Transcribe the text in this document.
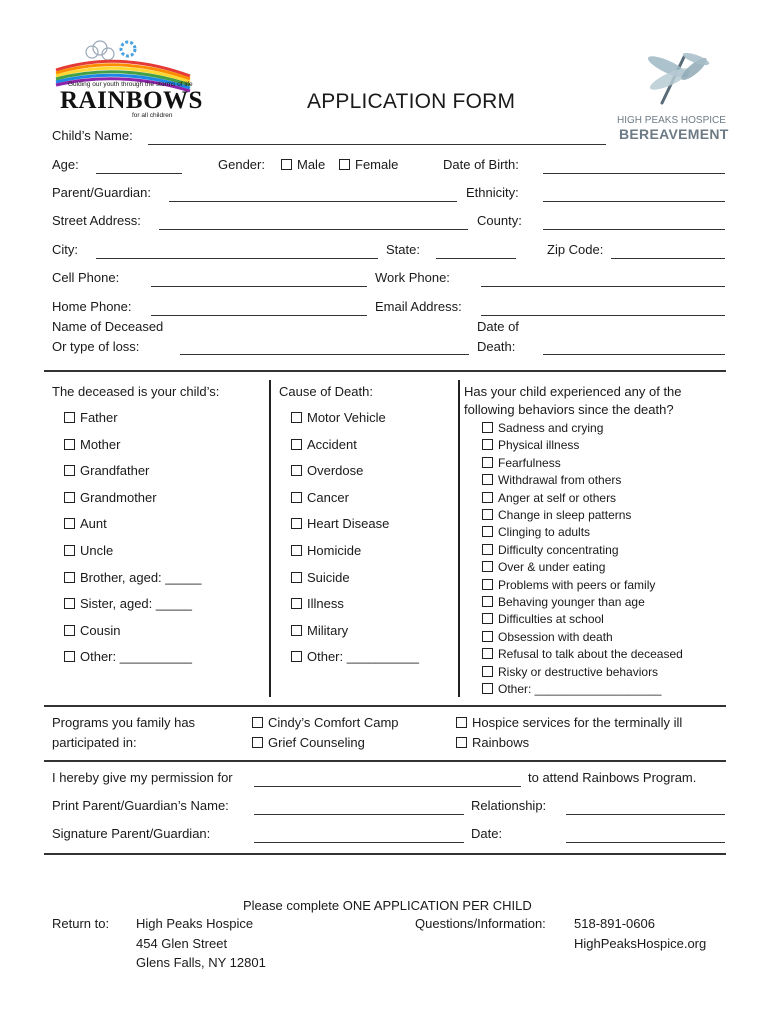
Guiding our youth through the storms of life
RAINBOWS
for all children
APPLICATION FORM
HIGH PEAKS HOSPICE
BEREAVEMENT
Child’s Name:
Age:	Gender:	Male	Female	Date of Birth:
Parent/Guardian:	Ethnicity:
Street Address:	County:
City:	State:	Zip Code:
Cell Phone:	Work Phone:
Home Phone:	Email Address:
Name of Deceased
Or type of loss:
Date of
Death:
The deceased is your child’s:
Father
Mother
Grandfather
Grandmother
Aunt
Uncle
Brother, aged: _____
Sister, aged: _____
Cousin
Other: __________
Cause of Death:
Motor Vehicle
Accident
Overdose
Cancer
Heart Disease
Homicide
Suicide
Illness
Military
Other: __________
Has your child experienced any of the
following behaviors since the death?
Sadness and crying
Physical illness
Fearfulness
Withdrawal from others
Anger at self or others
Change in sleep patterns
Clinging to adults
Difficulty concentrating
Over & under eating
Problems with peers or family
Behaving younger than age
Difficulties at school
Obsession with death
Refusal to talk about the deceased
Risky or destructive behaviors
Other: ___________________
Programs you family has
participated in:
Cindy’s Comfort Camp
Grief Counseling
Hospice services for the terminally ill
Rainbows
I hereby give my permission for	to attend Rainbows Program.
Print Parent/Guardian’s Name:	Relationship:
Signature Parent/Guardian:	Date:
Please complete ONE APPLICATION PER CHILD
Return to: High Peaks Hospice
454 Glen Street
Glens Falls, NY 12801
Questions/Information: 518-891-0606
HighPeaksHospice.org
